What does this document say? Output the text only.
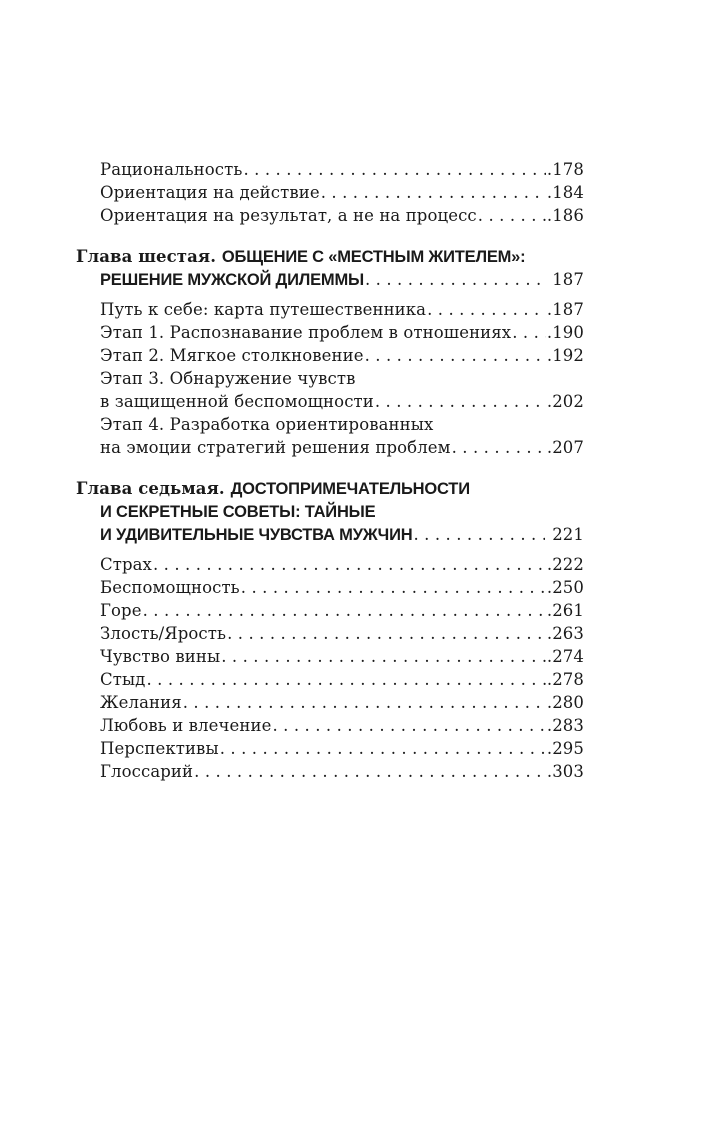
Рациональность . . .	.178
Ориентация на действие . . .	.184
Ориентация на результат, а не на процесс . . .	.186
Глава шестая. ОБЩЕНИЕ С «МЕСТНЫМ ЖИТЕЛЕМ»:
РЕШЕНИЕ МУЖСКОЙ ДИЛЕММЫ . . .	187
Путь к себе: карта путешественника . . .	.187
Этап 1. Распознавание проблем в отношениях . . . .190
Этап 2. Мягкое столкновение . . .	.192
Этап 3. Обнаружение чувств
в защищенной беспомощности . . .	.202
Этап 4. Разработка ориентированных
на эмоции стратегий решения проблем . . .	.207
Глава седьмая. ДОСТОПРИМЕЧАТЕЛЬНОСТИ
И СЕКРЕТНЫЕ СОВЕТЫ: ТАЙНЫЕ
И УДИВИТЕЛЬНЫЕ ЧУВСТВА МУЖЧИН . . .	221
Страх . . .	.222
Беспомощность . . .	.250
Горе . . .	.261
Злость/Ярость . . .	.263
Чувство вины . . .	.274
Стыд . . .	.278
Желания . . .	.280
Любовь и влечение . . .	.283
Перспективы . . .	.295
Глоссарий . . .	.303
